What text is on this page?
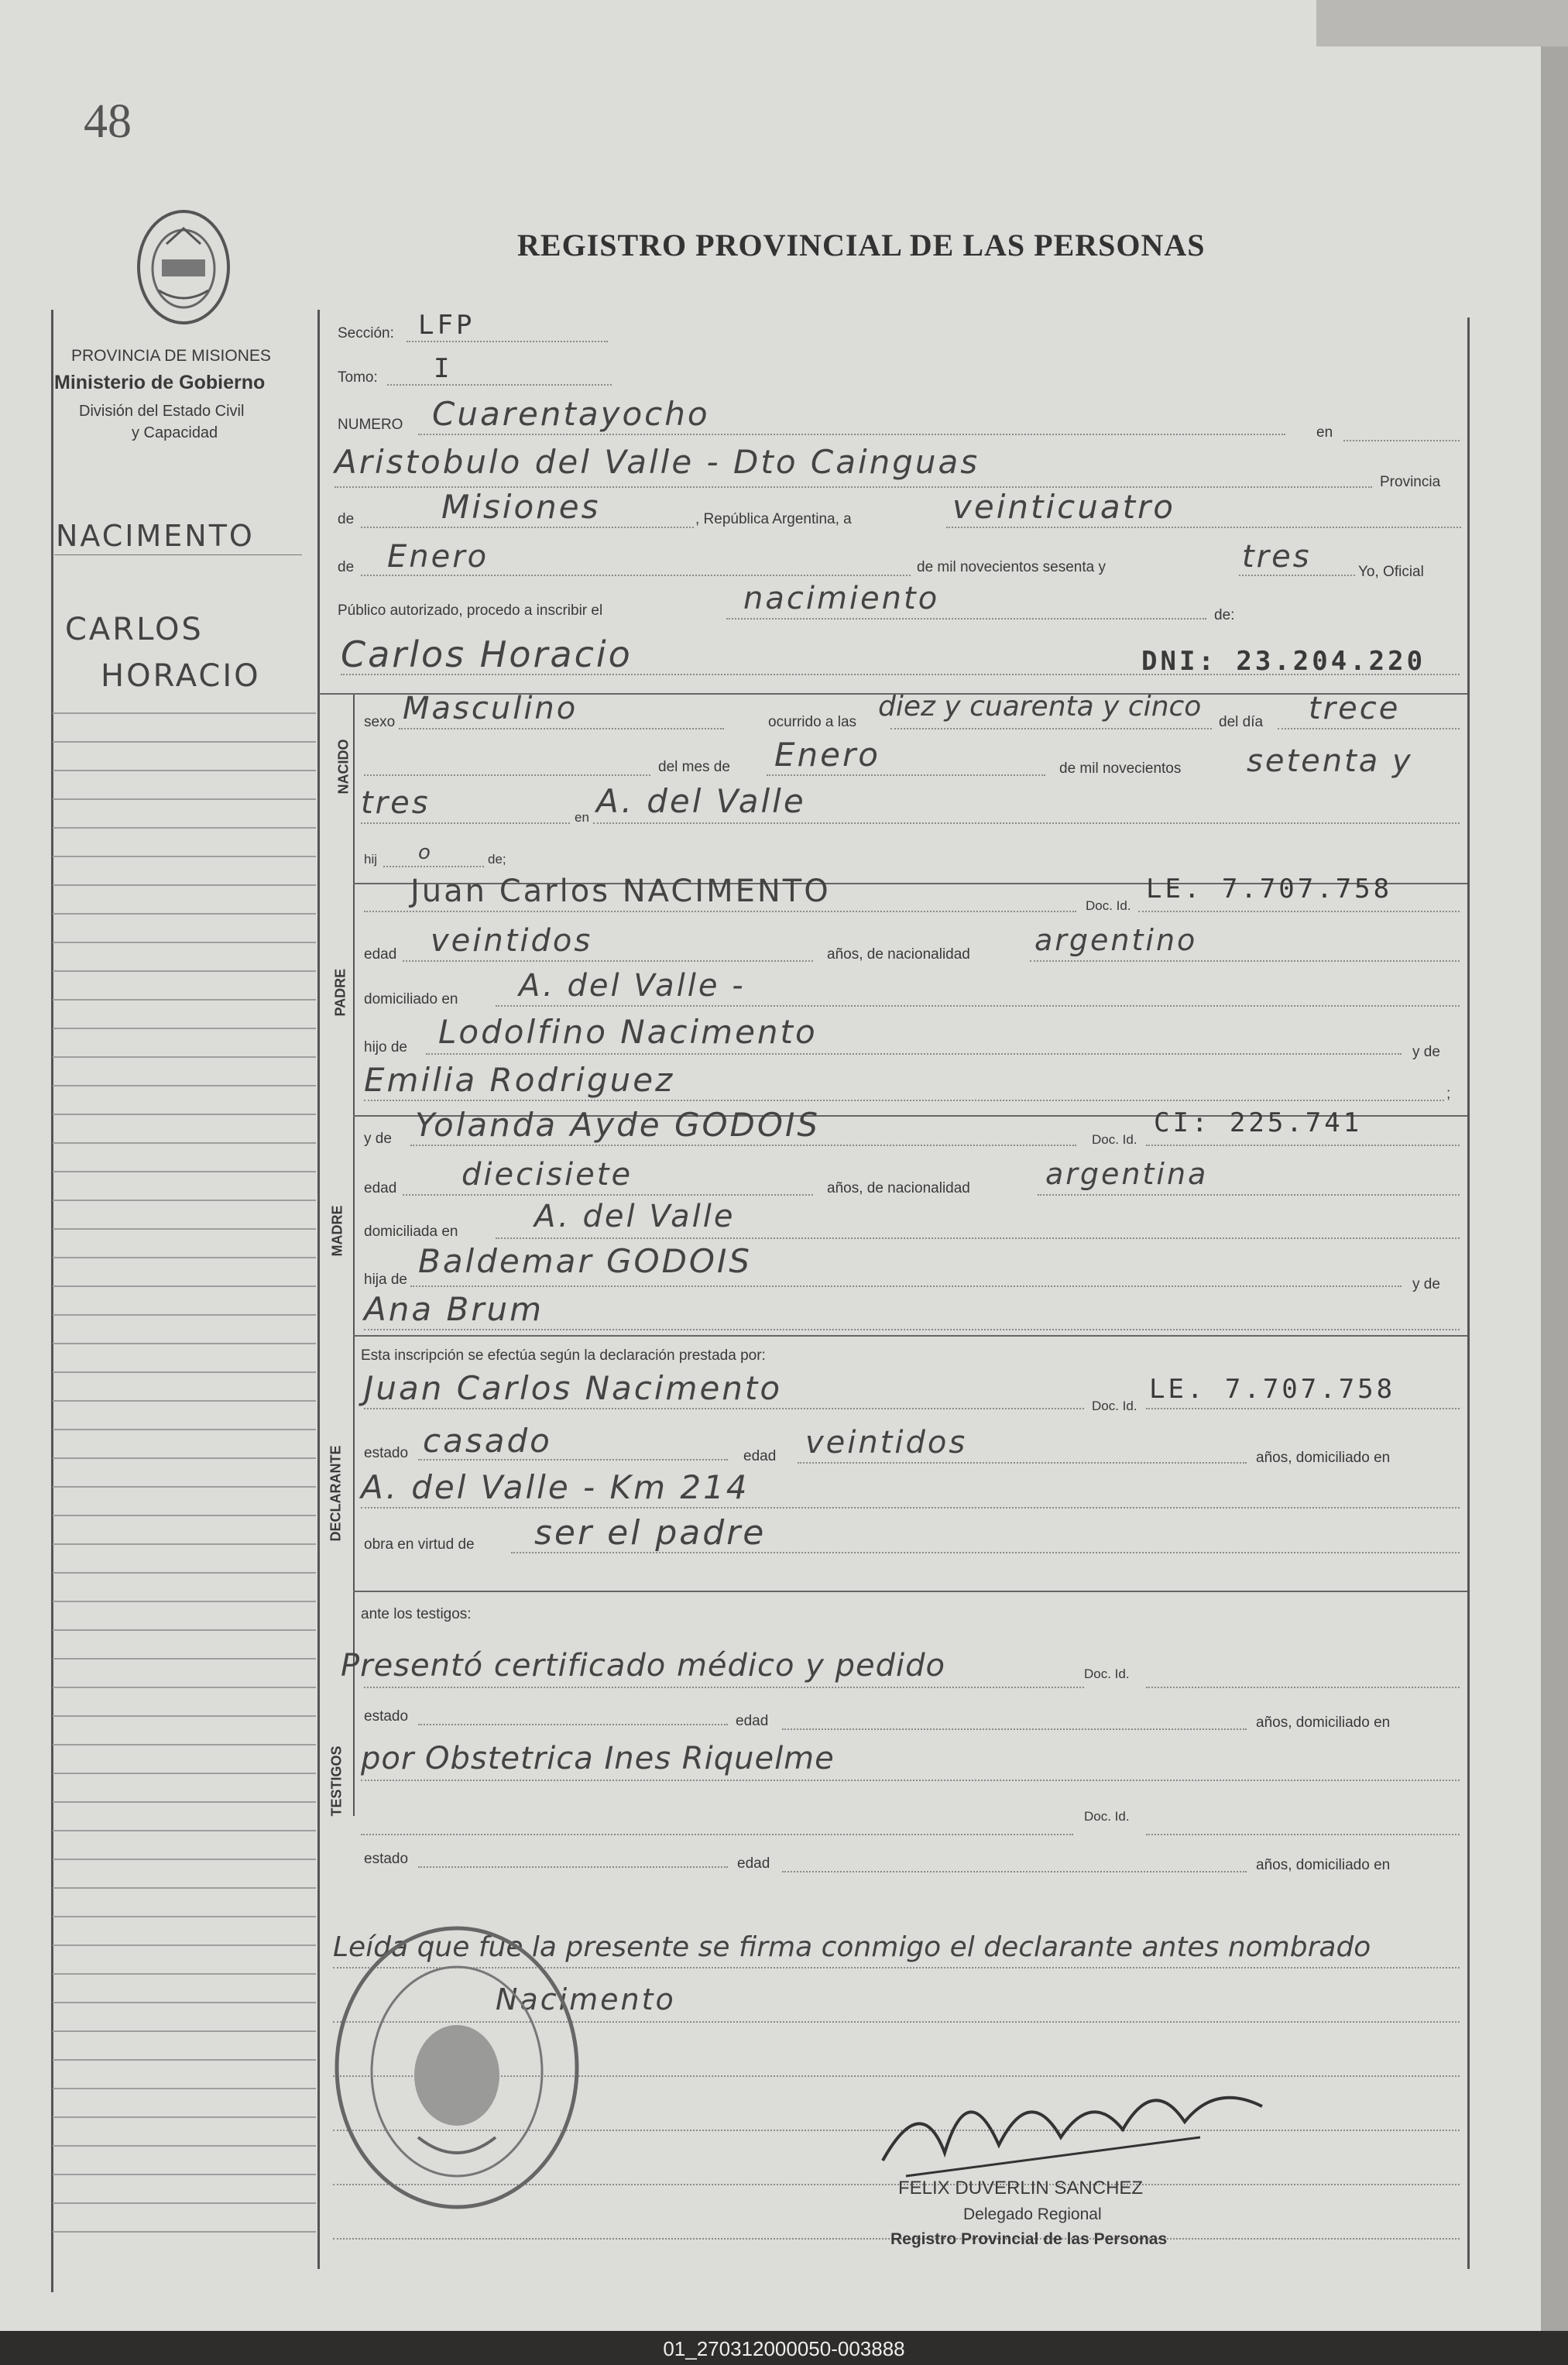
48
REGISTRO PROVINCIAL DE LAS PERSONAS
PROVINCIA DE MISIONES
Ministerio de Gobierno
División del Estado Civil
y Capacidad
NACIMENTO
CARLOS
HORACIO
Sección: LFP
Tomo: I
NUMERO Cuarentayocho	en
Aristobulo del Valle - Dto Cainguas
Provincia
de	Misiones	, República Argentina, a	veinticuatro
de Enero	de mil novecientos sesenta y	tres	Yo, Oficial
Público autorizado, procedo a inscribir el	nacimiento	de:
Carlos Horacio	DNI: 23.204.220
NACIDO
sexo Masculino	ocurrido a las diez y cuarenta y cinco del día trece
del mes de Enero	de mil novecientos setenta y
tres	en A. del Valle
hij o	de;
PADRE
Juan Carlos NACIMENTO	Doc. Id.
LE. 7.707.758
edad veintidos	años, de nacionalidad argentino
domiciliado en A. del Valle -
hijo de Lodolfino Nacimento
y de
Emilia Rodriguez	;
MADRE
y de Yolanda Ayde GODOIS	Doc. Id.
CI: 225.741
edad diecisiete	años, de nacionalidad	argentina
domiciliada en A. del Valle
hija de Baldemar GODOIS
y de
Ana Brum
DECLARANTE
Esta inscripción se efectúa según la declaración prestada por:
Juan Carlos Nacimento	Doc. Id.
LE. 7.707.758
estado casado	edad veintidos	años, domiciliado en
A. del Valle - Km 214
obra en virtud de ser el padre
TESTIGOS
ante los testigos:
Presentó certificado médico y pedido	Doc. Id.
estado	edad	años, domiciliado en
por Obstetrica Ines Riquelme
Doc. Id.
estado	edad	años, domiciliado en
Leída que fue la presente se firma conmigo el declarante antes nombrado
Nacimento
FELIX DUVERLIN SANCHEZ
Delegado Regional
Registro Provincial de las Personas
01_270312000050-003888
